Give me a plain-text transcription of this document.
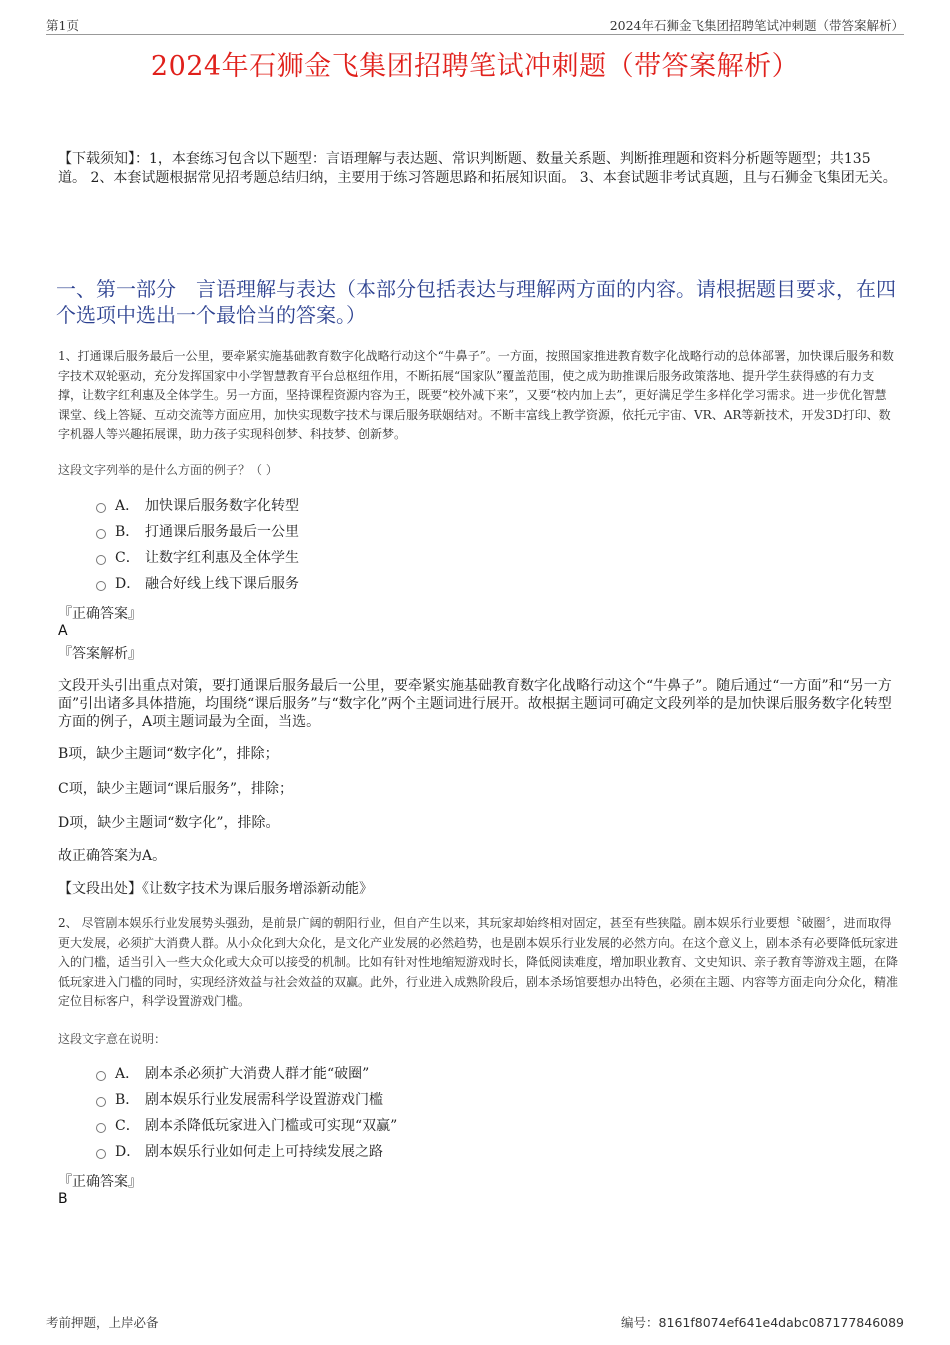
第1页	2024年石狮金飞集团招聘笔试冲刺题（带答案解析）
2024年石狮金飞集团招聘笔试冲刺题（带答案解析）
【下载须知】：1，本套练习包含以下题型：言语理解与表达题、常识判断题、数量关系题、判断推理题和资料分析题等题型；共135道。 2、本套试题根据常见招考题总结归纳，主要用于练习答题思路和拓展知识面。 3、本套试题非考试真题，且与石狮金飞集团无关。
一、第一部分　言语理解与表达（本部分包括表达与理解两方面的内容。请根据题目要求，在四个选项中选出一个最恰当的答案。）
1、打通课后服务最后一公里，要牵紧实施基础教育数字化战略行动这个“牛鼻子”。一方面，按照国家推进教育数字化战略行动的总体部署，加快课后服务和数字技术双轮驱动，充分发挥国家中小学智慧教育平台总枢纽作用，不断拓展“国家队”覆盖范围，使之成为助推课后服务政策落地、提升学生获得感的有力支撑，让数字红利惠及全体学生。另一方面，坚持课程资源内容为王，既要“校外减下来”，又要“校内加上去”，更好满足学生多样化学习需求。进一步优化智慧课堂、线上答疑、互动交流等方面应用，加快实现数字技术与课后服务联姻结对。不断丰富线上教学资源，依托元宇宙、VR、AR等新技术，开发3D打印、数字机器人等兴趣拓展课，助力孩子实现科创梦、科技梦、创新梦。
这段文字列举的是什么方面的例子？（ ）
A． 加快课后服务数字化转型
B． 打通课后服务最后一公里
C． 让数字红利惠及全体学生
D． 融合好线上线下课后服务
『正确答案』
A
『答案解析』
文段开头引出重点对策，要打通课后服务最后一公里，要牵紧实施基础教育数字化战略行动这个“牛鼻子”。随后通过“一方面”和“另一方面”引出诸多具体措施，均围绕“课后服务”与“数字化”两个主题词进行展开。故根据主题词可确定文段列举的是加快课后服务数字化转型方面的例子，A项主题词最为全面，当选。
B项，缺少主题词“数字化”，排除；
C项，缺少主题词“课后服务”，排除；
D项，缺少主题词“数字化”，排除。
故正确答案为A。
【文段出处】《让数字技术为课后服务增添新动能》
2、 尽管剧本娱乐行业发展势头强劲，是前景广阔的朝阳行业，但自产生以来，其玩家却始终相对固定，甚至有些狭隘。剧本娱乐行业要想〝破圈〞，进而取得更大发展，必须扩大消费人群。从小众化到大众化，是文化产业发展的必然趋势，也是剧本娱乐行业发展的必然方向。在这个意义上，剧本杀有必要降低玩家进入的门槛，适当引入一些大众化或大众可以接受的机制。比如有针对性地缩短游戏时长，降低阅读难度，增加职业教育、文史知识、亲子教育等游戏主题，在降低玩家进入门槛的同时，实现经济效益与社会效益的双赢。此外，行业进入成熟阶段后，剧本杀场馆要想办出特色，必须在主题、内容等方面走向分众化，精准定位目标客户，科学设置游戏门槛。
这段文字意在说明：
A． 剧本杀必须扩大消费人群才能“破圈”
B． 剧本娱乐行业发展需科学设置游戏门槛
C． 剧本杀降低玩家进入门槛或可实现“双赢”
D． 剧本娱乐行业如何走上可持续发展之路
『正确答案』
B
考前押题，上岸必备	编号：8161f8074ef641e4dabc087177846089
